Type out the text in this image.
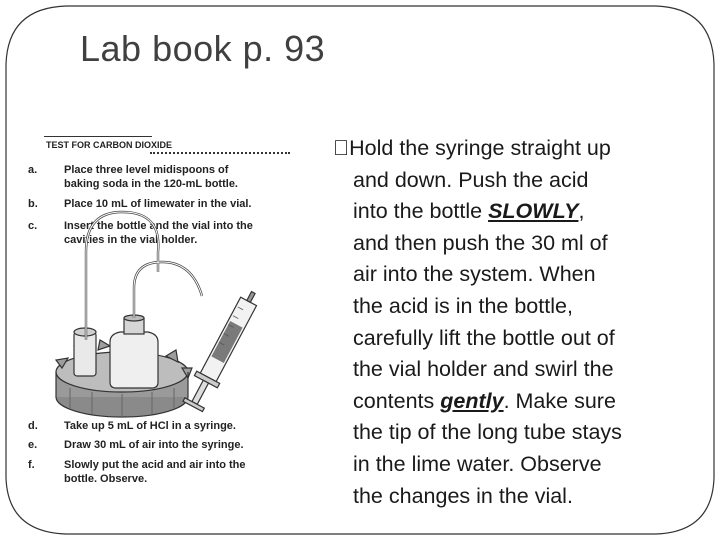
Lab book p. 93
TEST FOR CARBON DIOXIDE
a. Place three level midispoons of
baking soda in the 120-mL bottle.
b. Place 10 mL of limewater in the vial.
c. Insert the bottle and the vial into the
cavities in the vial holder.
d. Take up 5 mL of HCl in a syringe.
e. Draw 30 mL of air into the syringe.
f.	Slowly put the acid and air into the
bottle. Observe.
Hold the syringe straight up
and down. Push the acid
into the bottle SLOWLY,
and then push the 30 ml of
air into the system. When
the acid is in the bottle,
carefully lift the bottle out of
the vial holder and swirl the
contents gently. Make sure
the tip of the long tube stays
in the lime water. Observe
the changes in the vial.
